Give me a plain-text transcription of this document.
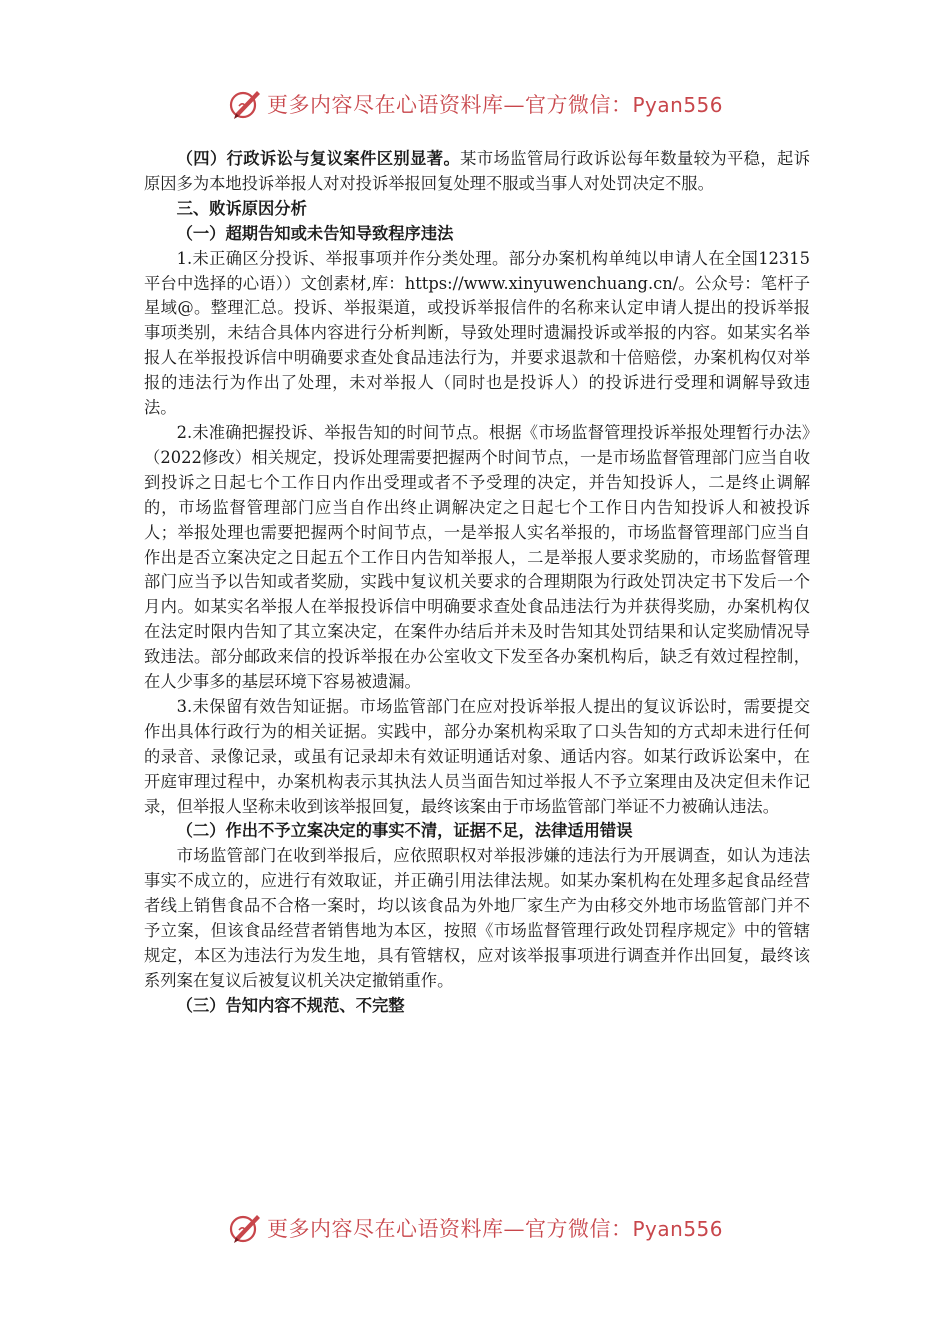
更多内容尽在心语资料库—官方微信：Pyan556

（四）行政诉讼与复议案件区别显著。某市场监管局行政诉讼每年数量较为平稳，起诉原因多为本地投诉举报人对对投诉举报回复处理不服或当事人对处罚决定不服。

三、败诉原因分析

（一）超期告知或未告知导致程序违法

1.未正确区分投诉、举报事项并作分类处理。部分办案机构单纯以申请人在全国12315平台中选择的心语））文创素材,库：https://www.xinyuwenchuang.cn/。公众号：笔杆子星域@。整理汇总。投诉、举报渠道，或投诉举报信件的名称来认定申请人提出的投诉举报事项类别，未结合具体内容进行分析判断，导致处理时遗漏投诉或举报的内容。如某实名举报人在举报投诉信中明确要求查处食品违法行为，并要求退款和十倍赔偿，办案机构仅对举报的违法行为作出了处理，未对举报人（同时也是投诉人）的投诉进行受理和调解导致违法。

2.未准确把握投诉、举报告知的时间节点。根据《市场监督管理投诉举报处理暂行办法》（2022修改）相关规定，投诉处理需要把握两个时间节点，一是市场监督管理部门应当自收到投诉之日起七个工作日内作出受理或者不予受理的决定，并告知投诉人，二是终止调解的，市场监督管理部门应当自作出终止调解决定之日起七个工作日内告知投诉人和被投诉人；举报处理也需要把握两个时间节点，一是举报人实名举报的，市场监督管理部门应当自作出是否立案决定之日起五个工作日内告知举报人，二是举报人要求奖励的，市场监督管理部门应当予以告知或者奖励，实践中复议机关要求的合理期限为行政处罚决定书下发后一个月内。如某实名举报人在举报投诉信中明确要求查处食品违法行为并获得奖励，办案机构仅在法定时限内告知了其立案决定，在案件办结后并未及时告知其处罚结果和认定奖励情况导致违法。部分邮政来信的投诉举报在办公室收文下发至各办案机构后，缺乏有效过程控制，在人少事多的基层环境下容易被遗漏。

3.未保留有效告知证据。市场监管部门在应对投诉举报人提出的复议诉讼时，需要提交作出具体行政行为的相关证据。实践中，部分办案机构采取了口头告知的方式却未进行任何的录音、录像记录，或虽有记录却未有效证明通话对象、通话内容。如某行政诉讼案中，在开庭审理过程中，办案机构表示其执法人员当面告知过举报人不予立案理由及决定但未作记录，但举报人坚称未收到该举报回复，最终该案由于市场监管部门举证不力被确认违法。

（二）作出不予立案决定的事实不清，证据不足，法律适用错误

市场监管部门在收到举报后，应依照职权对举报涉嫌的违法行为开展调查，如认为违法事实不成立的，应进行有效取证，并正确引用法律法规。如某办案机构在处理多起食品经营者线上销售食品不合格一案时，均以该食品为外地厂家生产为由移交外地市场监管部门并不予立案，但该食品经营者销售地为本区，按照《市场监督管理行政处罚程序规定》中的管辖规定，本区为违法行为发生地，具有管辖权，应对该举报事项进行调查并作出回复，最终该系列案在复议后被复议机关决定撤销重作。

（三）告知内容不规范、不完整

更多内容尽在心语资料库—官方微信：Pyan556
